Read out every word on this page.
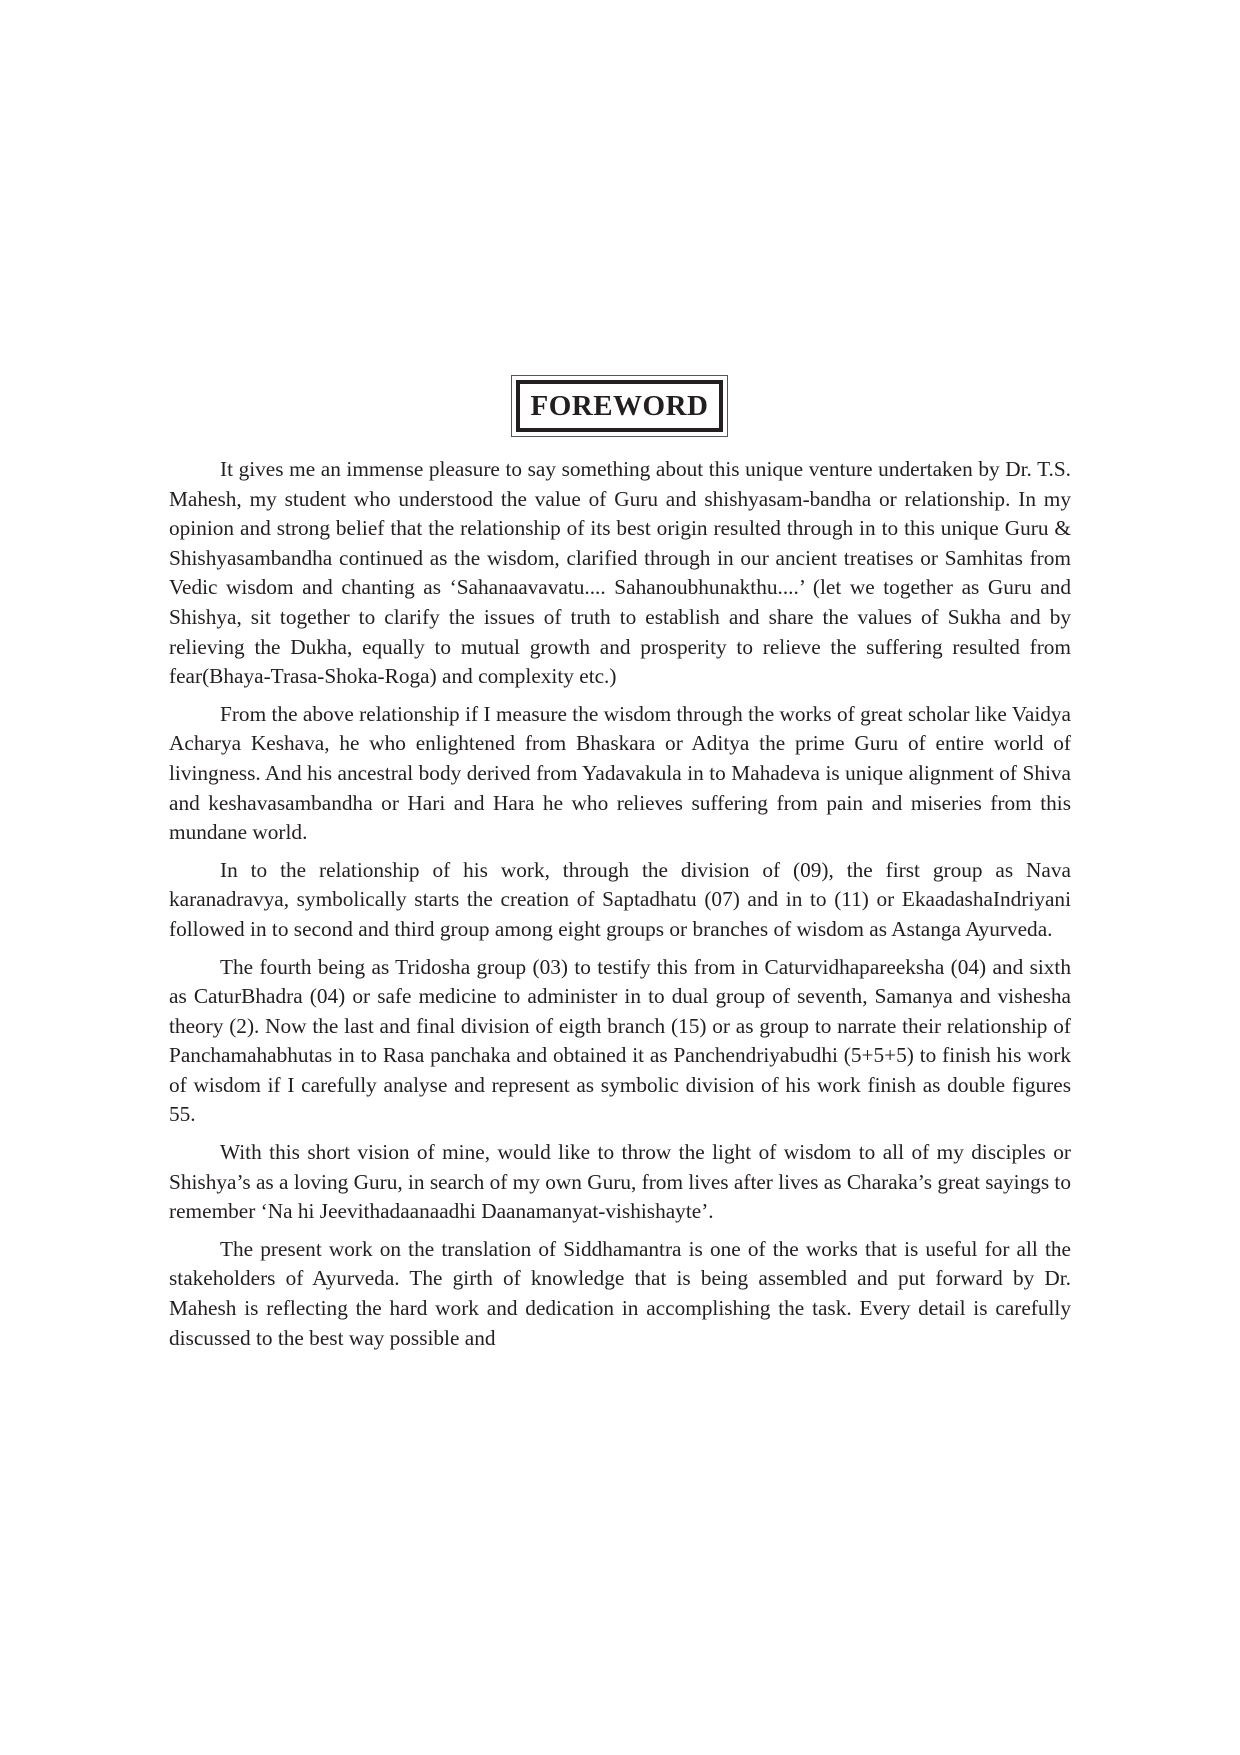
FOREWORD

It gives me an immense pleasure to say something about this unique venture undertaken by Dr. T.S. Mahesh, my student who understood the value of Guru and shishyasam-bandha or relationship. In my opinion and strong belief that the relationship of its best origin resulted through in to this unique Guru & Shishyasambandha continued as the wisdom, clarified through in our ancient treatises or Samhitas from Vedic wisdom and chanting as ‘Sahanaavavatu.... Sahanoubhunakthu....’ (let we together as Guru and Shishya, sit together to clarify the issues of truth to establish and share the values of Sukha and by relieving the Dukha, equally to mutual growth and prosperity to relieve the suffering resulted from fear(Bhaya-Trasa-Shoka-Roga) and complexity etc.)

From the above relationship if I measure the wisdom through the works of great scholar like Vaidya Acharya Keshava, he who enlightened from Bhaskara or Aditya the prime Guru of entire world of livingness. And his ancestral body derived from Yadavakula in to Mahadeva is unique alignment of Shiva and keshavasambandha or Hari and Hara he who relieves suffering from pain and miseries from this mundane world.

In to the relationship of his work, through the division of (09), the first group as Nava karanadravya, symbolically starts the creation of Saptadhatu (07) and in to (11) or EkaadashaIndriyani followed in to second and third group among eight groups or branches of wisdom as Astanga Ayurveda.

The fourth being as Tridosha group (03) to testify this from in Caturvidhapareeksha (04) and sixth as CaturBhadra (04) or safe medicine to administer in to dual group of seventh, Samanya and vishesha theory (2). Now the last and final division of eigth branch (15) or as group to narrate their relationship of Panchamahabhutas in to Rasa panchaka and obtained it as Panchendriyabudhi (5+5+5) to finish his work of wisdom if I carefully analyse and represent as symbolic division of his work finish as double figures 55.

With this short vision of mine, would like to throw the light of wisdom to all of my disciples or Shishya’s as a loving Guru, in search of my own Guru, from lives after lives as Charaka’s great sayings to remember ‘Na hi Jeevithadaanaadhi Daanamanyat-vishishayte’.

The present work on the translation of Siddhamantra is one of the works that is useful for all the stakeholders of Ayurveda. The girth of knowledge that is being assembled and put forward by Dr. Mahesh is reflecting the hard work and dedication in accomplishing the task. Every detail is carefully discussed to the best way possible and
